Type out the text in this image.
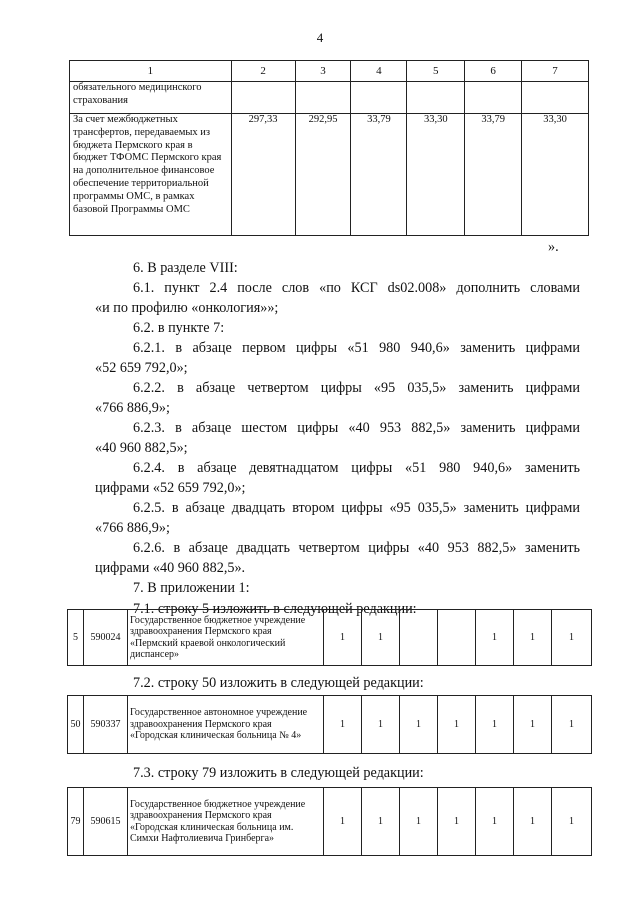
4
1	2	3	4	5	6	7
обязательного медицинского страхования						
За счет межбюджетных трансфертов, передаваемых из бюджета Пермского края в бюджет ТФОМС Пермского края на дополнительное финансовое обеспечение территориальной программы ОМС, в рамках базовой Программы ОМС	297,33	292,95	33,79	33,30	33,79	33,30
».
6. В разделе VIII:
6.1. пункт 2.4 после слов «по КСГ ds02.008» дополнить словами
«и по профилю «онкология»»;
6.2. в пункте 7:
6.2.1. в абзаце первом цифры «51 980 940,6» заменить цифрами
«52 659 792,0»;
6.2.2. в абзаце четвертом цифры «95 035,5» заменить цифрами
«766 886,9»;
6.2.3. в абзаце шестом цифры «40 953 882,5» заменить цифрами
«40 960 882,5»;
6.2.4. в абзаце девятнадцатом цифры «51 980 940,6» заменить
цифрами «52 659 792,0»;
6.2.5. в абзаце двадцать втором цифры «95 035,5» заменить цифрами
«766 886,9»;
6.2.6. в абзаце двадцать четвертом цифры «40 953 882,5» заменить
цифрами «40 960 882,5».
7. В приложении 1:
7.1. строку 5 изложить в следующей редакции:
5	590024	Государственное бюджетное учреждение здравоохранения Пермского края «Пермский краевой онкологический диспансер»	1	1			1	1	1
7.2. строку 50 изложить в следующей редакции:
50	590337	Государственное автономное учреждение здравоохранения Пермского края «Городская клиническая больница № 4»	1	1	1	1	1	1	1
7.3. строку 79 изложить в следующей редакции:
79	590615	Государственное бюджетное учреждение здравоохранения Пермского края «Городская клиническая больница им. Симхи Нафтолиевича Гринберга»	1	1	1	1	1	1	1
